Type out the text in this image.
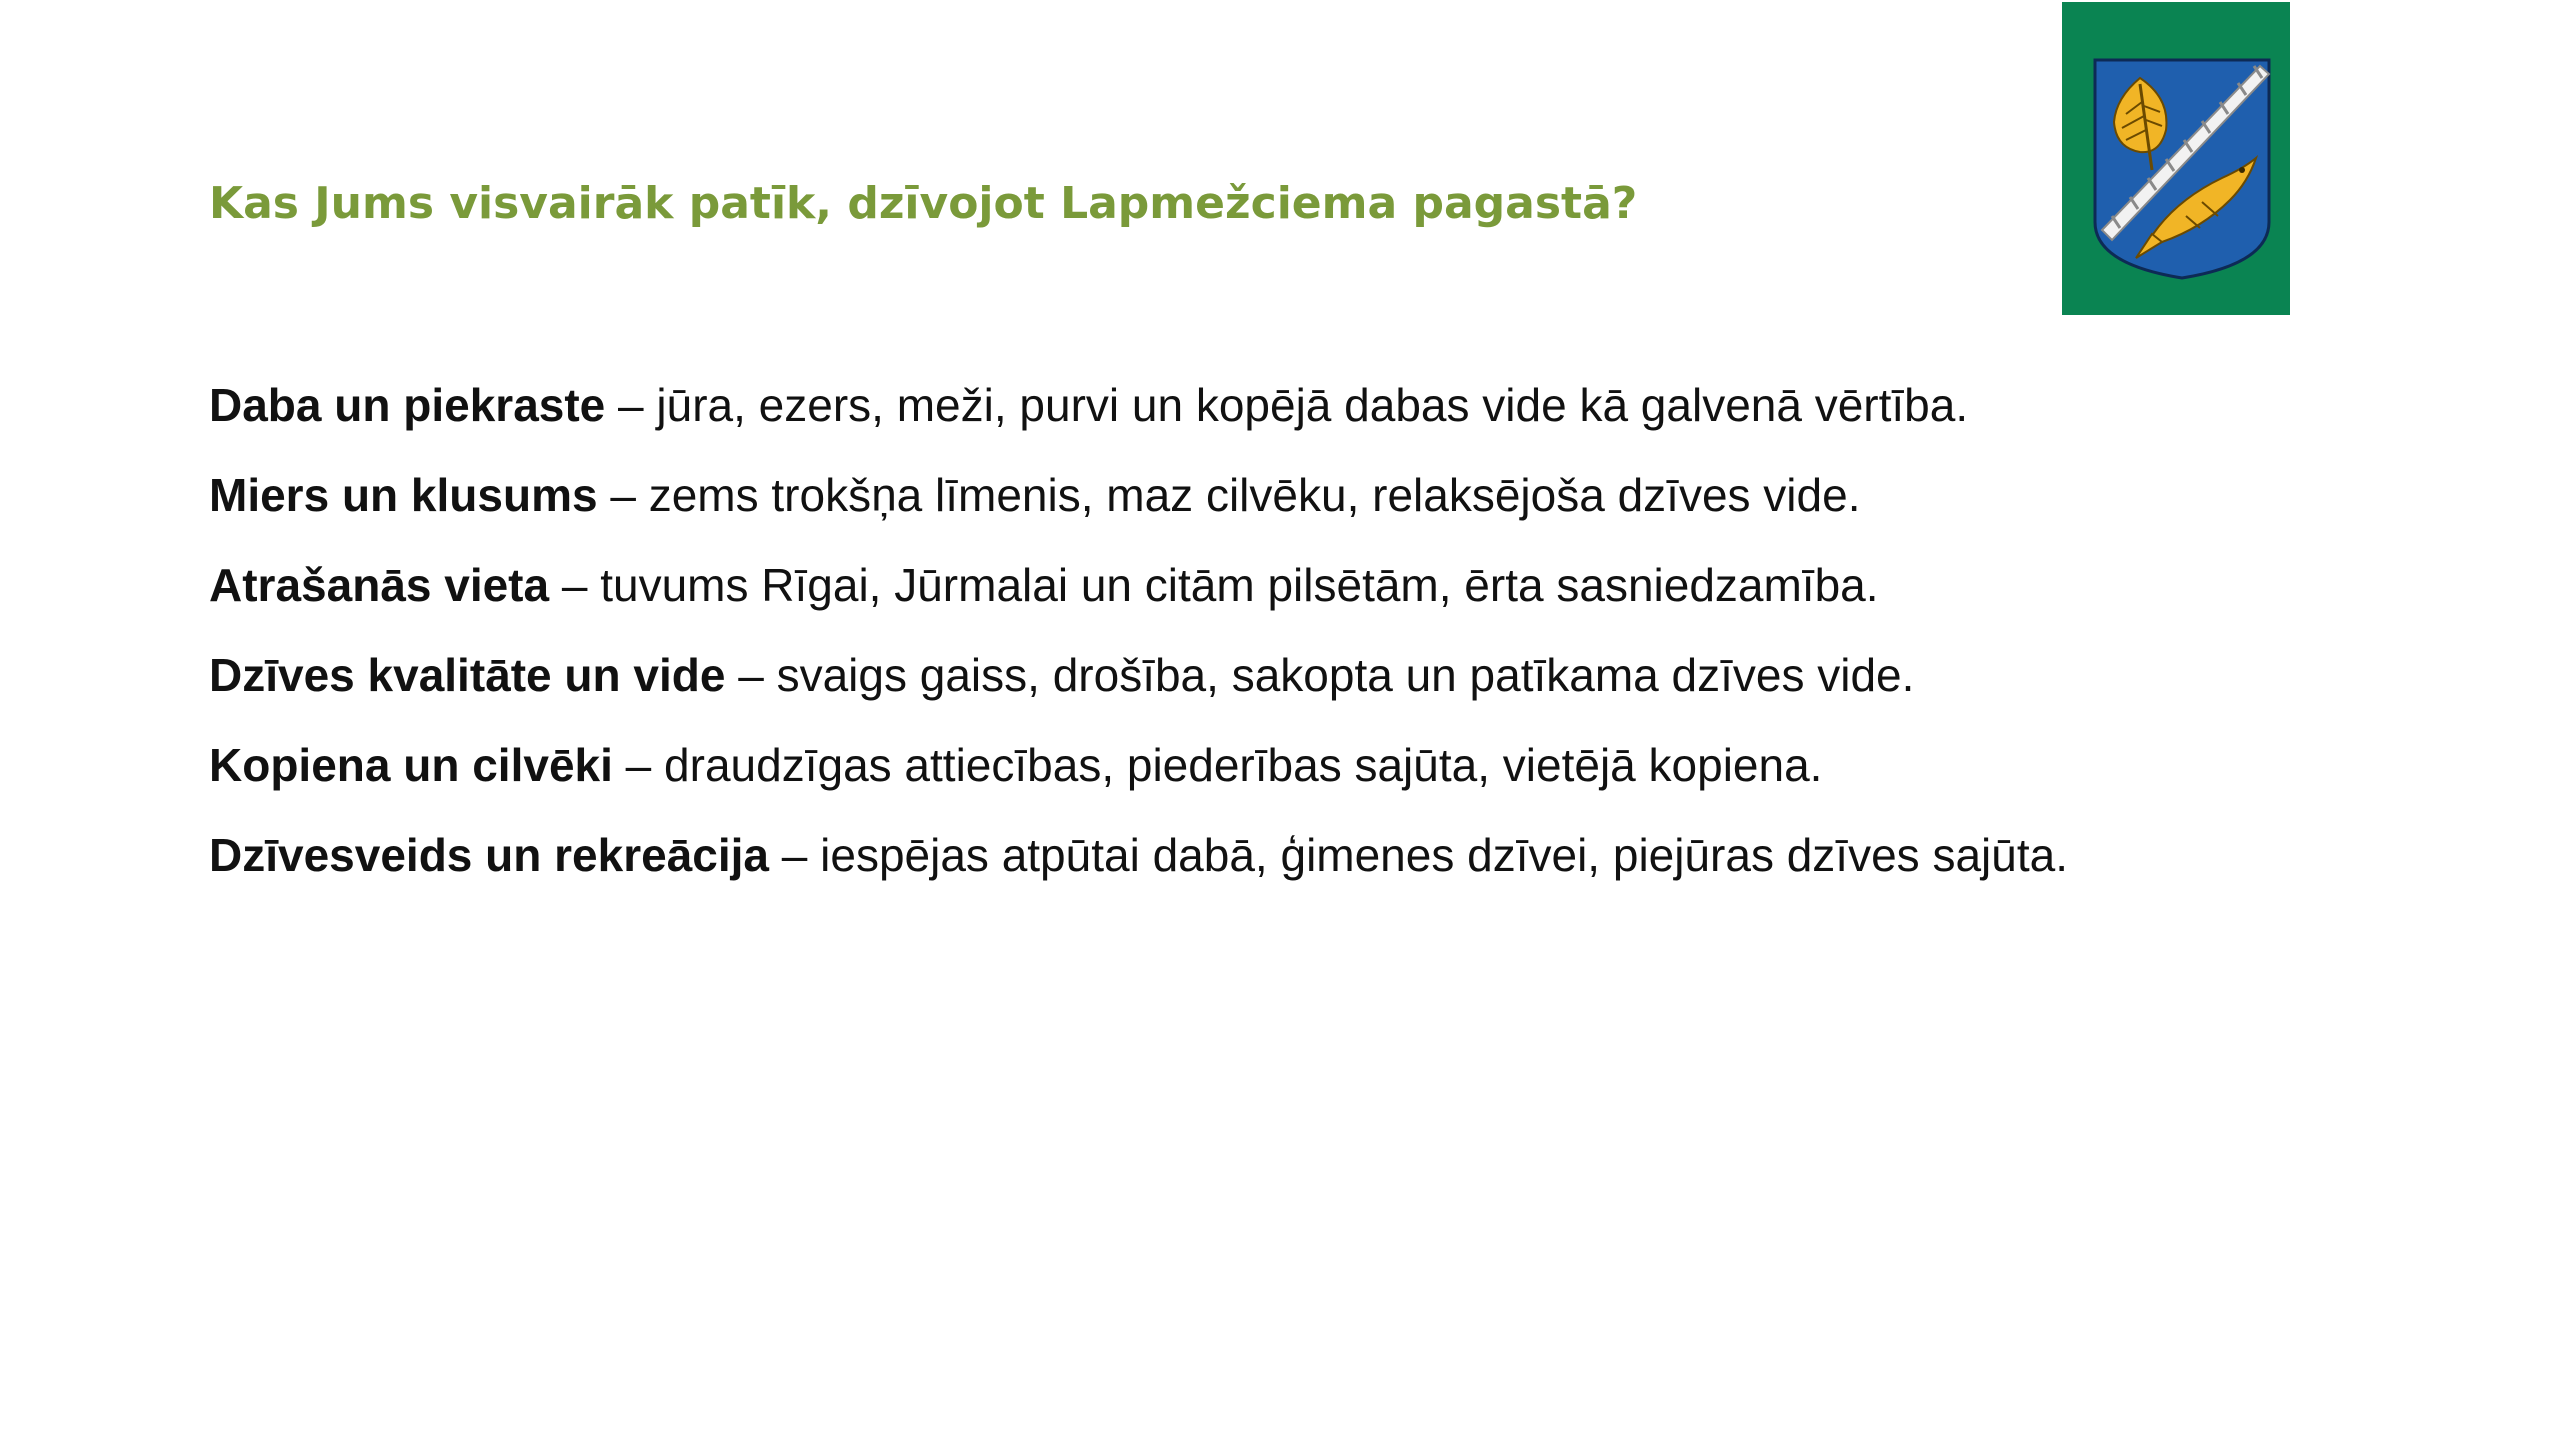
Kas Jums visvairāk patīk, dzīvojot Lapmežciema pagastā?
Daba un piekraste – jūra, ezers, meži, purvi un kopējā dabas vide kā galvenā vērtība.
Miers un klusums – zems trokšņa līmenis, maz cilvēku, relaksējoša dzīves vide.
Atrašanās vieta – tuvums Rīgai, Jūrmalai un citām pilsētām, ērta sasniedzamība.
Dzīves kvalitāte un vide – svaigs gaiss, drošība, sakopta un patīkama dzīves vide.
Kopiena un cilvēki – draudzīgas attiecības, piederības sajūta, vietējā kopiena.
Dzīvesveids un rekreācija – iespējas atpūtai dabā, ģimenes dzīvei, piejūras dzīves sajūta.
